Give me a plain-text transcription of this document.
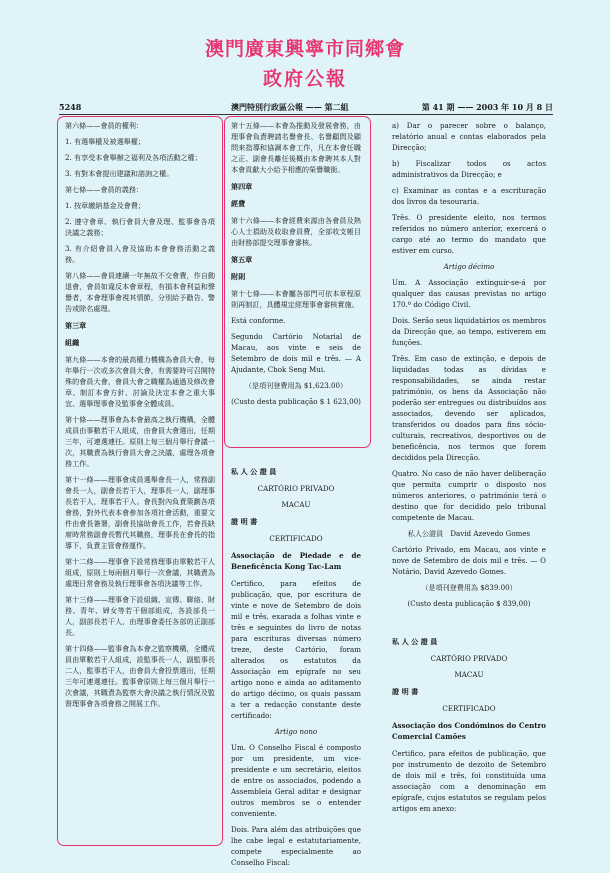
澳門廣東興寧市同鄉會
政府公報
5248	澳門特別行政區公報 —— 第二組	第 41 期 —— 2003 年 10 月 8 日

第六條——會員的權利：

1. 有選舉權及被選舉權；

2. 有享受本會舉辦之福利及各項活動之權；

3. 有對本會提出建議和諮詢之權。

第七條——會員的義務：

1. 按章繳納基金及會費；

2. 遵守會章、執行會員大會及理、監事會各項決議之義務；

3. 有介紹會員入會及協助本會會務活動之義務。

第八條——會員連續一年無故不交會費，作自動退會，會員如違反本會章程，有損本會利益和聲譽者，本會理事會視其情節，分別給予勸告、警告或除名處理。

第三章

組織

第九條——本會的最高權力機構為會員大會，每年舉行一次或多次會員大會，有需要時可召開特殊的會員大會，會員大會之職權為通過及修改會章、制訂本會方針、討論及決定本會之重大事宜、選舉理事會及監事會全體成員。

第十條——理事會為本會最高之執行機構，全體成員由事數若干人組成，由會員大會選出，任期三年，可連選連任。原則上每三個月舉行會議一次，其職責為執行會員大會之決議，處理各項會務工作。

第十一條——理事會成員選舉會長一人，常務副會長一人，副會長若干人，理事長一人，副理事長若干人，理事若干人。會長對內負責策劃各項會務，對外代表本會參加各項社會活動，重要文件由會長簽署，副會長協助會長工作，若會長缺席時常務副會長暫代其職務，理事長在會長的指導下，負責主管會務運作。

第十二條——理事會下設常務理事由單數若干人組成，原則上每兩個月舉行一次會議，其職責為處理日常會務及執行理事會各項決議等工作。

第十三條——理事會下設組織、宣傳、聯絡、財務、青年、婦女等若干個部組成，各設部長一人，副部長若干人，由理事會委任各部的正副部長。

第十四條——監事會為本會之監察機構，全體成員由單數若干人組成，設監事長一人，副監事長二人，監事若干人，由會員大會投票選出，任期三年可連選連任。監事會原則上每三個月舉行一次會議，其職責為監察大會決議之執行情況及監督理事會各項會務之開展工作。

第十五條——本會為推動及發展會務，由理事會負責聘請名譽會長、名譽顧問及顧問來指導和協調本會工作，凡在本會任職之正、副會長離任後概由本會聘其本人對本會貢獻大小給予相應的榮譽職銜。

第四章

經費

第十六條——本會經費來源由各會員及熱心人士捐助及收取會員費，全部收支帳目由財務部提交理事會審核。

第五章

附則

第十七條——本會屬各部門可依本章程原則再制訂，具體規定經理事會審核實施。

Está conforme.

Segundo Cartório Notarial de Macau, aos vinte e seis de Setembro de dois mil e três. — A Ajudante, Chok Seng Mui.

（是項刊登費用為 $1,623.00）

(Custo desta publicação $ 1 623,00)

私 人 公 證 員

CARTÓRIO PRIVADO

MACAU

證 明 書

CERTIFICADO

Associação de Piedade e de Beneficência Kong Tac-Lam

Certifico, para efeitos de publicação, que, por escritura de vinte e nove de Setembro de dois mil e três, exarada a folhas vinte e três e seguintes do livro de notas para escrituras diversas número treze, deste Cartório, foram alterados os estatutos da Associação em epígrafe no seu artigo nono e ainda ao aditamento do artigo décimo, os quais passam a ter a redacção constante deste certificado:

Artigo nono

Um. O Conselho Fiscal é composto por um presidente, um vice-presidente e um secretário, eleitos de entre os associados, podendo a Assembleia Geral aditar e designar outros membros se o entender conveniente.

Dois. Para além das atribuições que lhe cabe legal e estatutariamente, compete especialmente ao Conselho Fiscal:

a) Dar o parecer sobre o balanço, relatório anual e contas elaborados pela Direcção;

b) Fiscalizar todos os actos administrativos da Direcção; e

c) Examinar as contas e a escrituração dos livros da tesouraria.

Três. O presidente eleito, nos termos referidos no número anterior, exercerá o cargo até ao termo do mandato que estiver em curso.

Artigo décimo

Um. A Associação extinguir-se-á por qualquer das causas previstas no artigo 170.º do Código Civil.

Dois. Serão seus liquidatários os membros da Direcção que, ao tempo, estiverem em funções.

Três. Em caso de extinção, e depois de liquidadas todas as dívidas e responsabilidades, se ainda restar património, os bens da Associação não poderão ser entregues ou distribuídos aos associados, devendo ser aplicados, transferidos ou doados para fins sócio-culturais, recreativos, desportivos ou de beneficência, nos termos que forem decididos pela Direcção.

Quatro. No caso de não haver deliberação que permita cumprir o disposto nos números anteriores, o património terá o destino que for decidido pelo tribunal competente de Macau.

私人公證員　David Azevedo Gomes

Cartório Privado, em Macau, aos vinte e nove de Setembro de dois mil e três. — O Notário, David Azevedo Gomes.

（是項刊登費用為 $839.00）

(Custo desta publicação $ 839,00)

私 人 公 證 員

CARTÓRIO PRIVADO

MACAU

證 明 書

CERTIFICADO

Associação dos Condóminos do Centro Comercial Camões

Certifico, para efeitos de publicação, que por instrumento de dezoito de Setembro de dois mil e três, foi constituída uma associação com a denominação em epígrafe, cujos estatutos se regulam pelos artigos em anexo:
